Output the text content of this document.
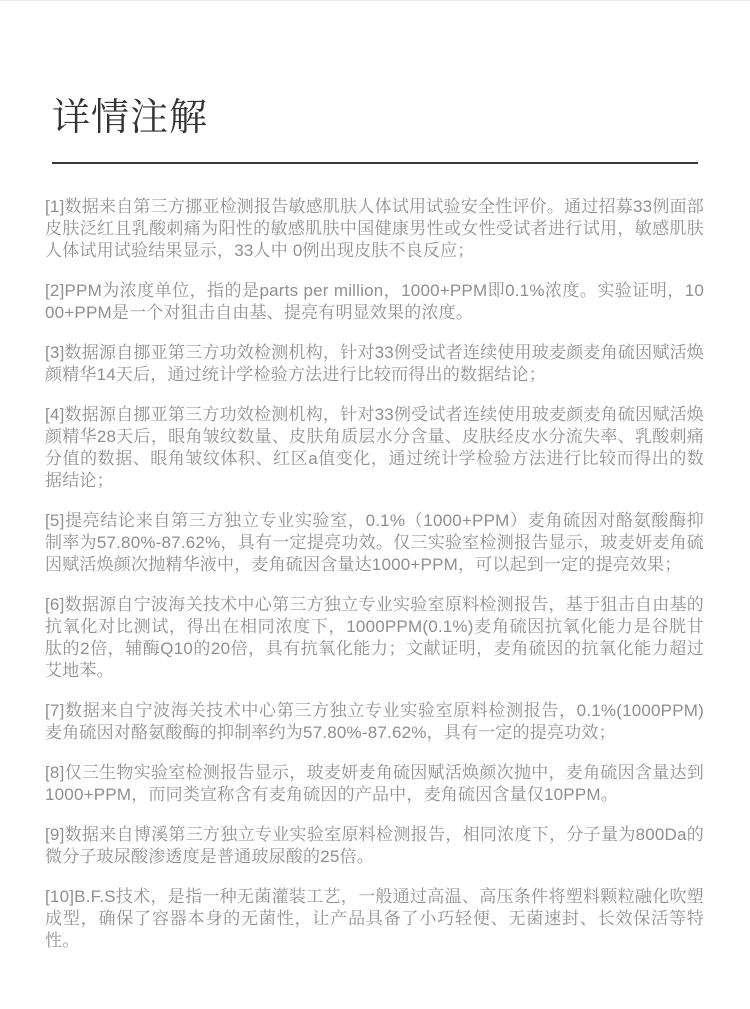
详情注解

[1]数据来自第三方挪亚检测报告敏感肌肤人体试用试验安全性评价。通过招募33例面部皮肤泛红且乳酸刺痛为阳性的敏感肌肤中国健康男性或女性受试者进行试用，敏感肌肤人体试用试验结果显示，33人中 0例出现皮肤不良反应；

[2]PPM为浓度单位，指的是parts per million，1000+PPM即0.1%浓度。实验证明，1000+PPM是一个对狙击自由基、提亮有明显效果的浓度。

[3]数据源自挪亚第三方功效检测机构，针对33例受试者连续使用玻麦颜麦角硫因赋活焕颜精华14天后，通过统计学检验方法进行比较而得出的数据结论；

[4]数据源自挪亚第三方功效检测机构，针对33例受试者连续使用玻麦颜麦角硫因赋活焕颜精华28天后，眼角皱纹数量、皮肤角质层水分含量、皮肤经皮水分流失率、乳酸刺痛分值的数据、眼角皱纹体积、红区a值变化，通过统计学检验方法进行比较而得出的数据结论；

[5]提亮结论来自第三方独立专业实验室，0.1%（1000+PPM）麦角硫因对酪氨酸酶抑制率为57.80%-87.62%，具有一定提亮功效。仅三实验室检测报告显示，玻麦妍麦角硫因赋活焕颜次抛精华液中，麦角硫因含量达1000+PPM，可以起到一定的提亮效果；

[6]数据源自宁波海关技术中心第三方独立专业实验室原料检测报告，基于狙击自由基的抗氧化对比测试，得出在相同浓度下，1000PPM(0.1%)麦角硫因抗氧化能力是谷胱甘肽的2倍，辅酶Q10的20倍，具有抗氧化能力；文献证明，麦角硫因的抗氧化能力超过艾地苯。

[7]数据来自宁波海关技术中心第三方独立专业实验室原料检测报告，0.1%(1000PPM)麦角硫因对酪氨酸酶的抑制率约为57.80%-87.62%，具有一定的提亮功效；

[8]仅三生物实验室检测报告显示，玻麦妍麦角硫因赋活焕颜次抛中，麦角硫因含量达到1000+PPM，而同类宣称含有麦角硫因的产品中，麦角硫因含量仅10PPM。

[9]数据来自博溪第三方独立专业实验室原料检测报告，相同浓度下，分子量为800Da的微分子玻尿酸渗透度是普通玻尿酸的25倍。

[10]B.F.S技术，是指一种无菌灌装工艺，一般通过高温、高压条件将塑料颗粒融化吹塑成型，确保了容器本身的无菌性，让产品具备了小巧轻便、无菌速封、长效保活等特性。
